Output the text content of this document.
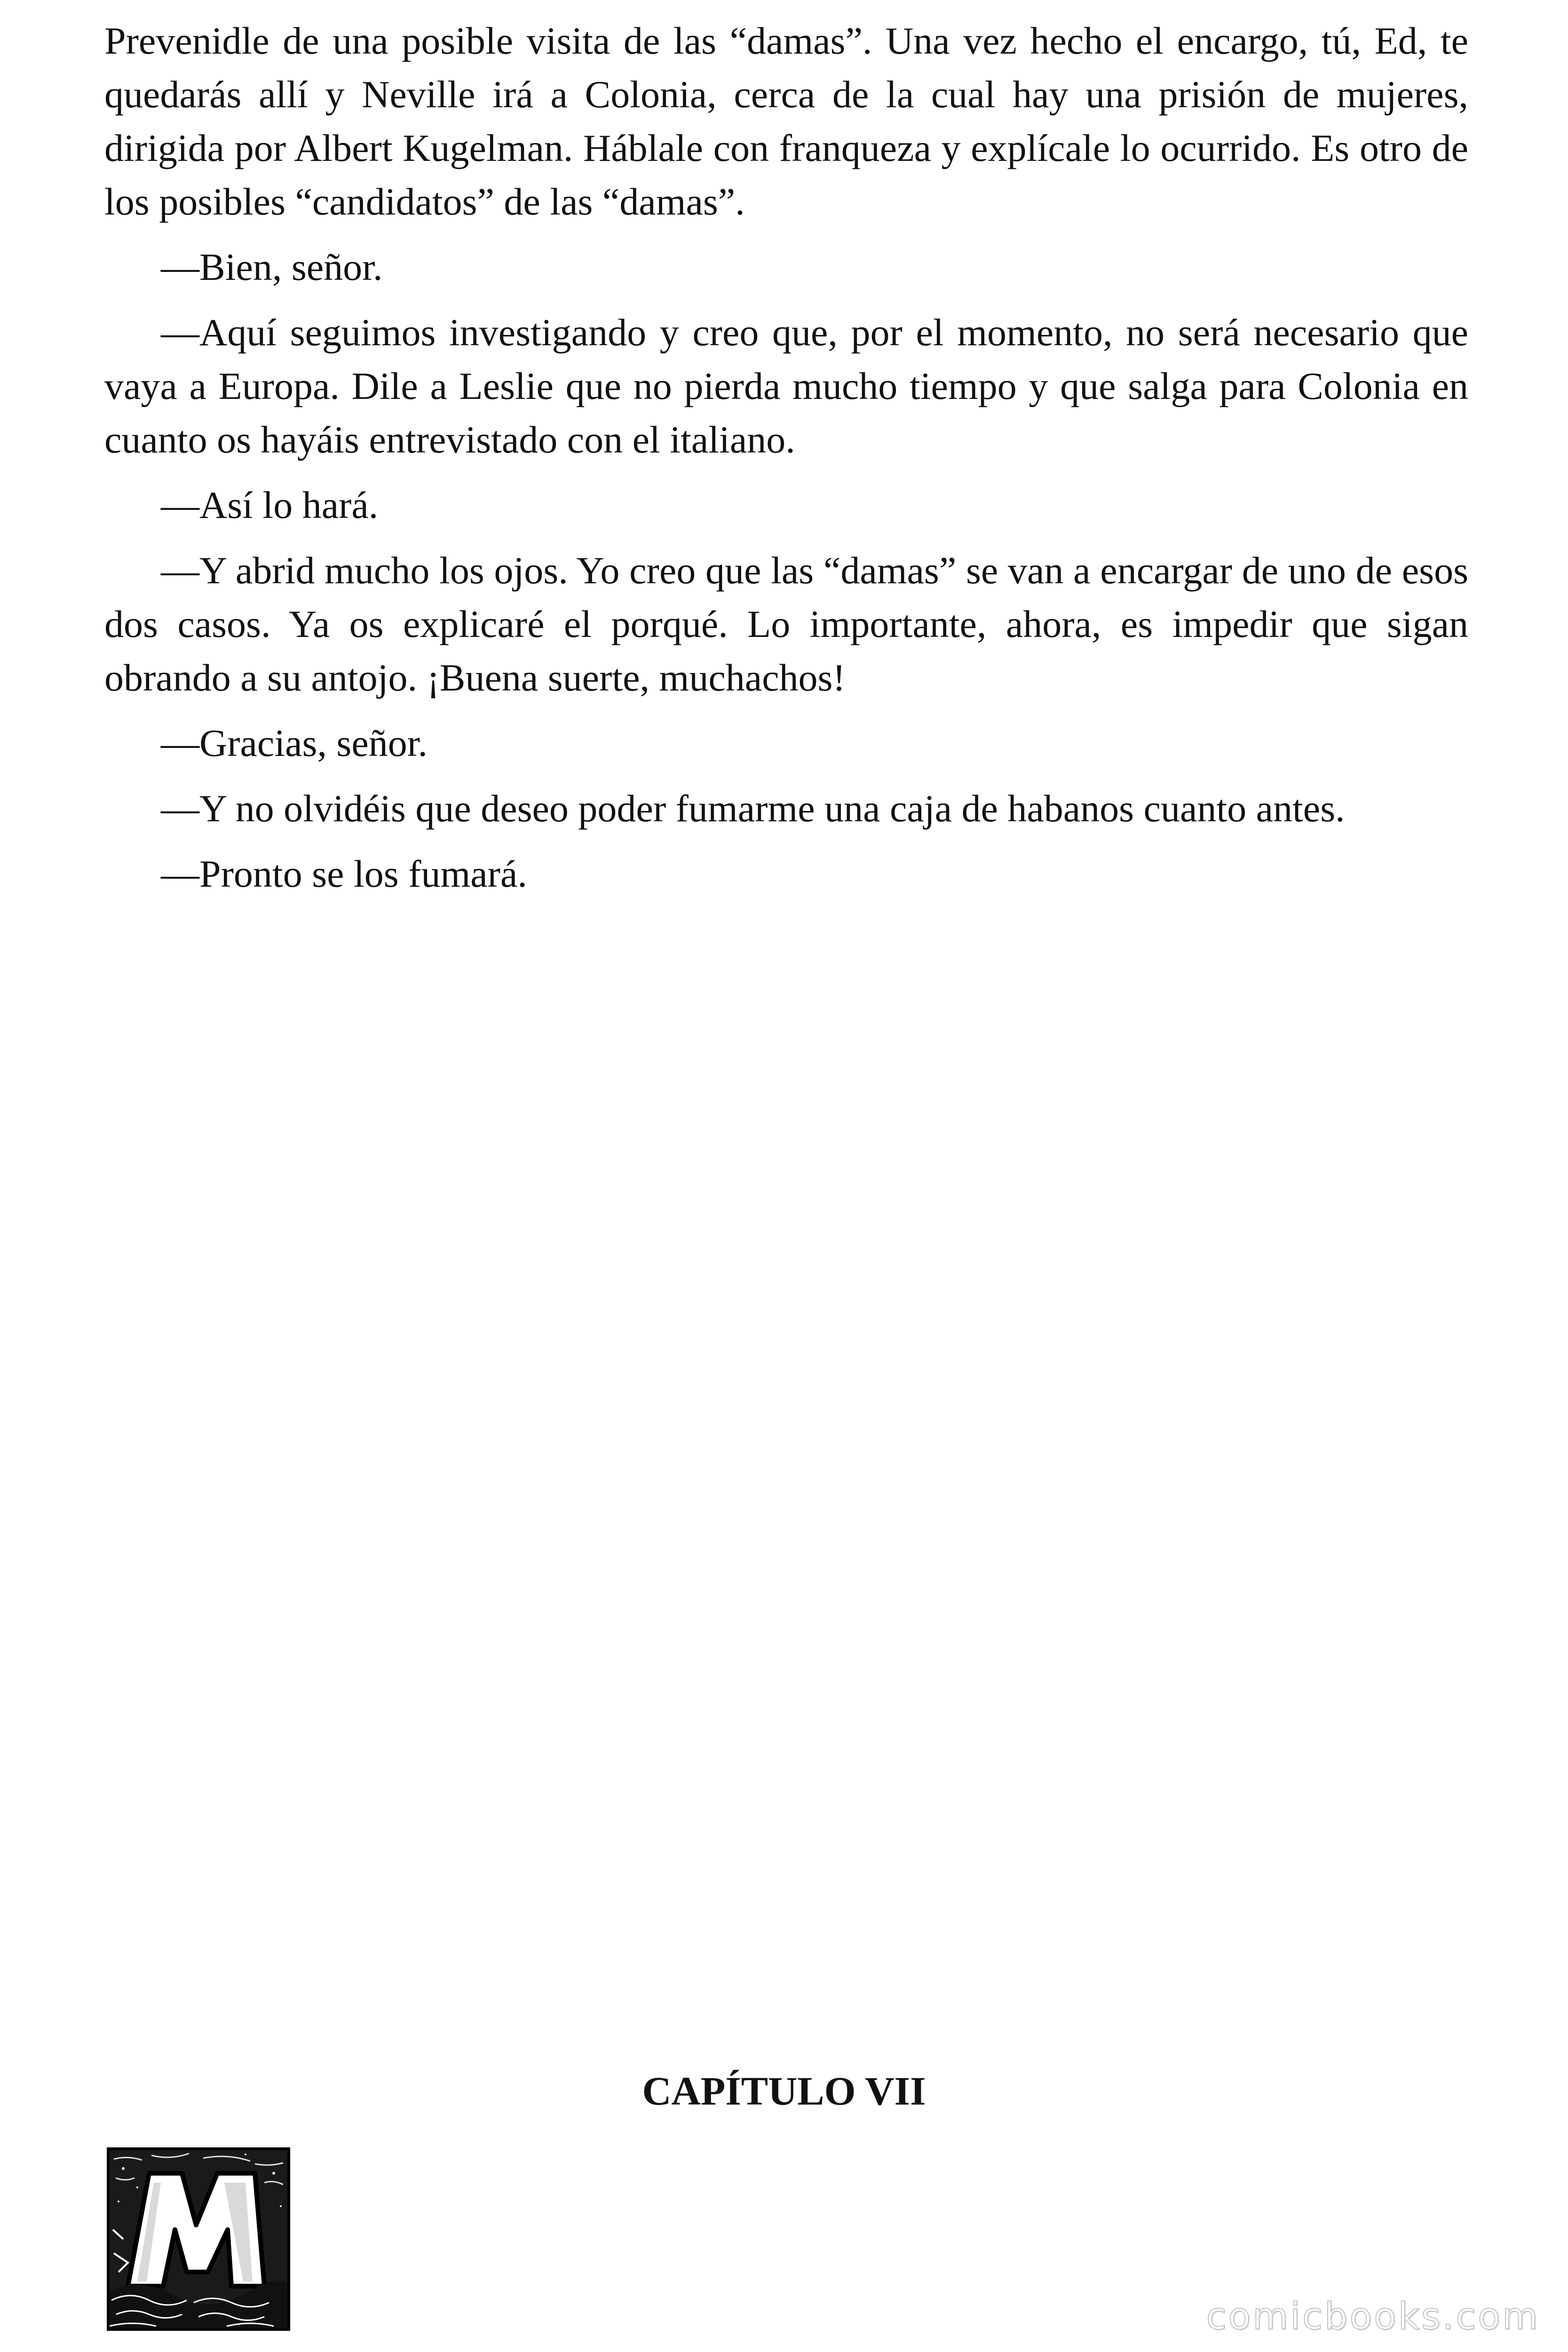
Prevenidle de una posible visita de las “damas”. Una vez hecho el encargo, tú, Ed, te quedarás allí y Neville irá a Colonia, cerca de la cual hay una prisión de mujeres, dirigida por Albert Kugelman. Háblale con franqueza y explícale lo ocurrido. Es otro de los posibles “candidatos” de las “damas”.

—Bien, señor.

—Aquí seguimos investigando y creo que, por el momento, no será necesario que vaya a Europa. Dile a Leslie que no pierda mucho tiempo y que salga para Colonia en cuanto os hayáis entrevistado con el italiano.

—Así lo hará.

—Y abrid mucho los ojos. Yo creo que las “damas” se van a encargar de uno de esos dos casos. Ya os explicaré el porqué. Lo importante, ahora, es impedir que sigan obrando a su antojo. ¡Buena suerte, muchachos!

—Gracias, señor.

—Y no olvidéis que deseo poder fumarme una caja de habanos cuanto antes.

—Pronto se los fumará.

CAPÍTULO VII
comicbooks.com
